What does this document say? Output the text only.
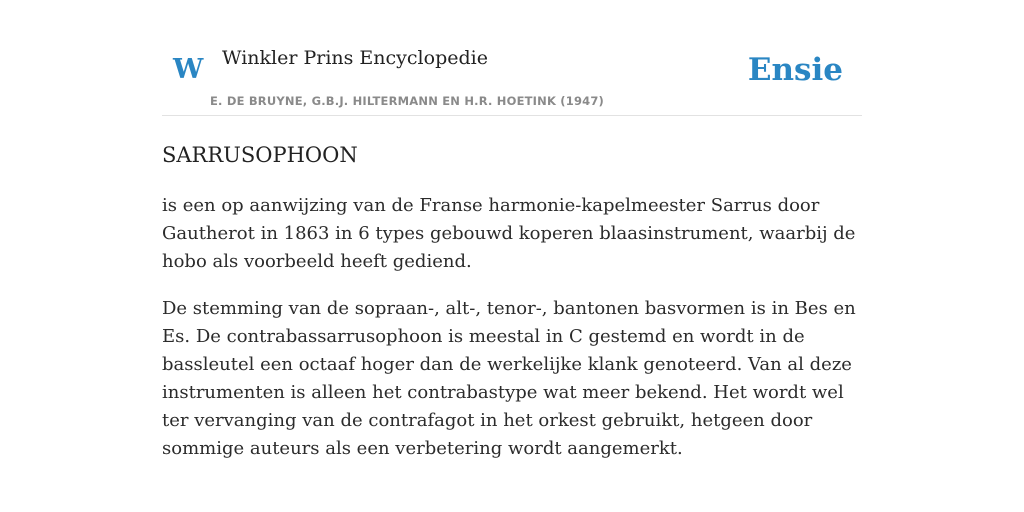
W Winkler Prins Encyclopedie
E. DE BRUYNE, G.B.J. HILTERMANN EN H.R. HOETINK (1947)
Ensie
SARRUSOPHOON

is een op aanwijzing van de Franse harmonie-kapelmeester Sarrus door Gautherot in 1863 in 6 types gebouwd koperen blaasinstrument, waarbij de hobo als voorbeeld heeft gediend.

De stemming van de sopraan-, alt-, tenor-, bantonen basvormen is in Bes en Es. De contrabassarrusophoon is meestal in C gestemd en wordt in de bassleutel een octaaf hoger dan de werkelijke klank genoteerd. Van al deze instrumenten is alleen het contrabastype wat meer bekend. Het wordt wel ter vervanging van de contrafagot in het orkest gebruikt, hetgeen door sommige auteurs als een verbetering wordt aangemerkt.
